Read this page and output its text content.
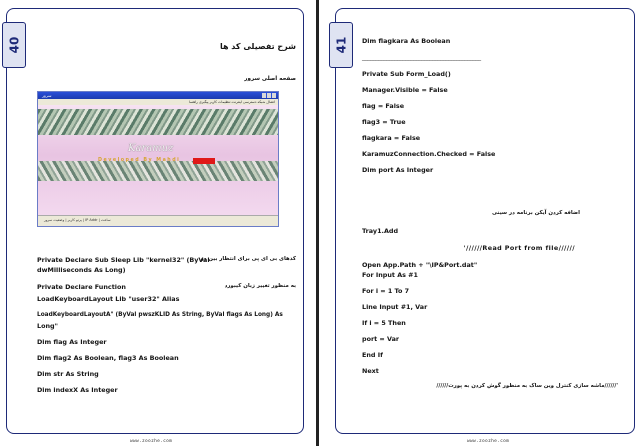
40	شرح تفصیلی کد ها
صفحه اصلی سرور
سرور
اتصال شبکه دسترسی اینترنت تنظیمات کاربر پیگیری راهنما
Karamuz
Developed By Mahdi
پرتو کاربر | وضعیت سرور | IP Addr | ساعت
Private Declare Sub Sleep Lib "kernel32" (ByVal
کدهای بی ای پی برای انتظار بین دو
dwMilliseconds As Long)
Private Declare Function	به منظور تغییر زبان کیبورد
LoadKeyboardLayout Lib "user32" Alias
LoadKeyboardLayoutA" (ByVal pwszKLID As String, ByVal flags As Long) As
Long"
Dim flag As Integer
Dim flag2 As Boolean, flag3 As Boolean
Dim str As String
Dim indexX As Integer
www.zoozhe.com
41 Dim flagkara As Boolean
____________________________________________
Private Sub Form_Load()
Manager.Visible = False
flag = False
flag3 = True
flagkara = False
KaramuzConnection.Checked = False
Dim port As Integer
اضافه کردن آیکن برنامه در سینی
Tray1.Add
'//////Read Port from file//////
Open App.Path + "\IP&Port.dat"
For Input As #1
For i = 1 To 7
Line Input #1, Var
If i = 5 Then
port = Var
End If
Next
'//////ماشه سازی کنترل وین ساک به منظور گوش کردن به پورت//////
www.zoozhe.com
